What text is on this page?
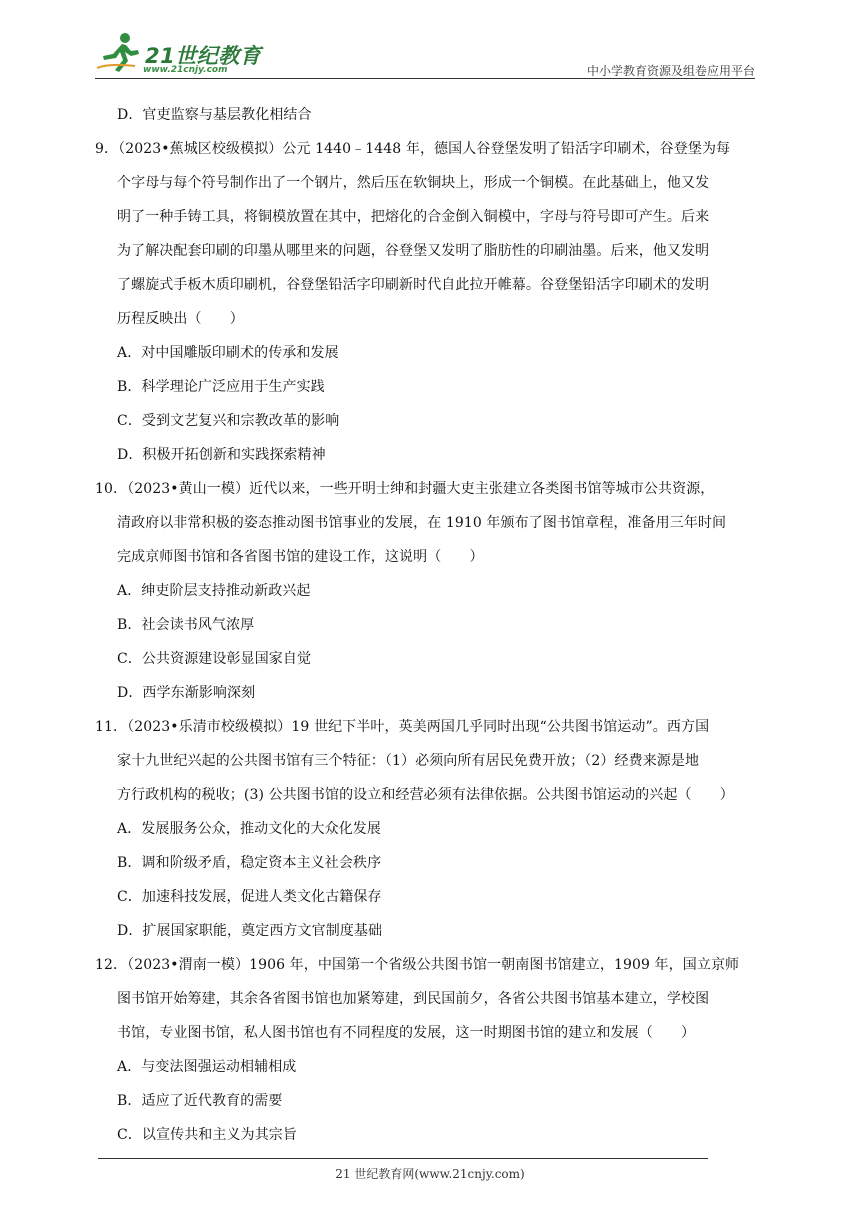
21世纪教育
www.21cnjy.com	中小学教育资源及组卷应用平台
D．官吏监察与基层教化相结合
9．（2023•蕉城区校级模拟）公元 1440﹣1448 年，德国人谷登堡发明了铅活字印刷术，谷登堡为每
个字母与每个符号制作出了一个钢片，然后压在软铜块上，形成一个铜模。在此基础上，他又发
明了一种手铸工具，将铜模放置在其中，把熔化的合金倒入铜模中，字母与符号即可产生。后来
为了解决配套印刷的印墨从哪里来的问题，谷登堡又发明了脂肪性的印刷油墨。后来，他又发明
了螺旋式手板木质印刷机，谷登堡铅活字印刷新时代自此拉开帷幕。谷登堡铅活字印刷术的发明
历程反映出（　　）
A．对中国雕版印刷术的传承和发展
B．科学理论广泛应用于生产实践
C．受到文艺复兴和宗教改革的影响
D．积极开拓创新和实践探索精神
10．（2023•黄山一模）近代以来，一些开明士绅和封疆大吏主张建立各类图书馆等城市公共资源，
清政府以非常积极的姿态推动图书馆事业的发展，在 1910 年颁布了图书馆章程，准备用三年时间
完成京师图书馆和各省图书馆的建设工作，这说明（　　）
A．绅吏阶层支持推动新政兴起
B．社会读书风气浓厚
C．公共资源建设彰显国家自觉
D．西学东渐影响深刻
11．（2023•乐清市校级模拟）19 世纪下半叶，英美两国几乎同时出现“公共图书馆运动”。西方国
家十九世纪兴起的公共图书馆有三个特征：（1）必须向所有居民免费开放；（2）经费来源是地
方行政机构的税收；(3) 公共图书馆的设立和经营必须有法律依据。公共图书馆运动的兴起（　　）
A．发展服务公众，推动文化的大众化发展
B．调和阶级矛盾，稳定资本主义社会秩序
C．加速科技发展，促进人类文化古籍保存
D．扩展国家职能，奠定西方文官制度基础
12．（2023•渭南一模）1906 年，中国第一个省级公共图书馆一朝南图书馆建立，1909 年，国立京师
图书馆开始筹建，其余各省图书馆也加紧筹建，到民国前夕，各省公共图书馆基本建立，学校图
书馆，专业图书馆，私人图书馆也有不同程度的发展，这一时期图书馆的建立和发展（　　）
A．与变法图强运动相辅相成
B．适应了近代教育的需要
C．以宣传共和主义为其宗旨
21 世纪教育网(www.21cnjy.com)
